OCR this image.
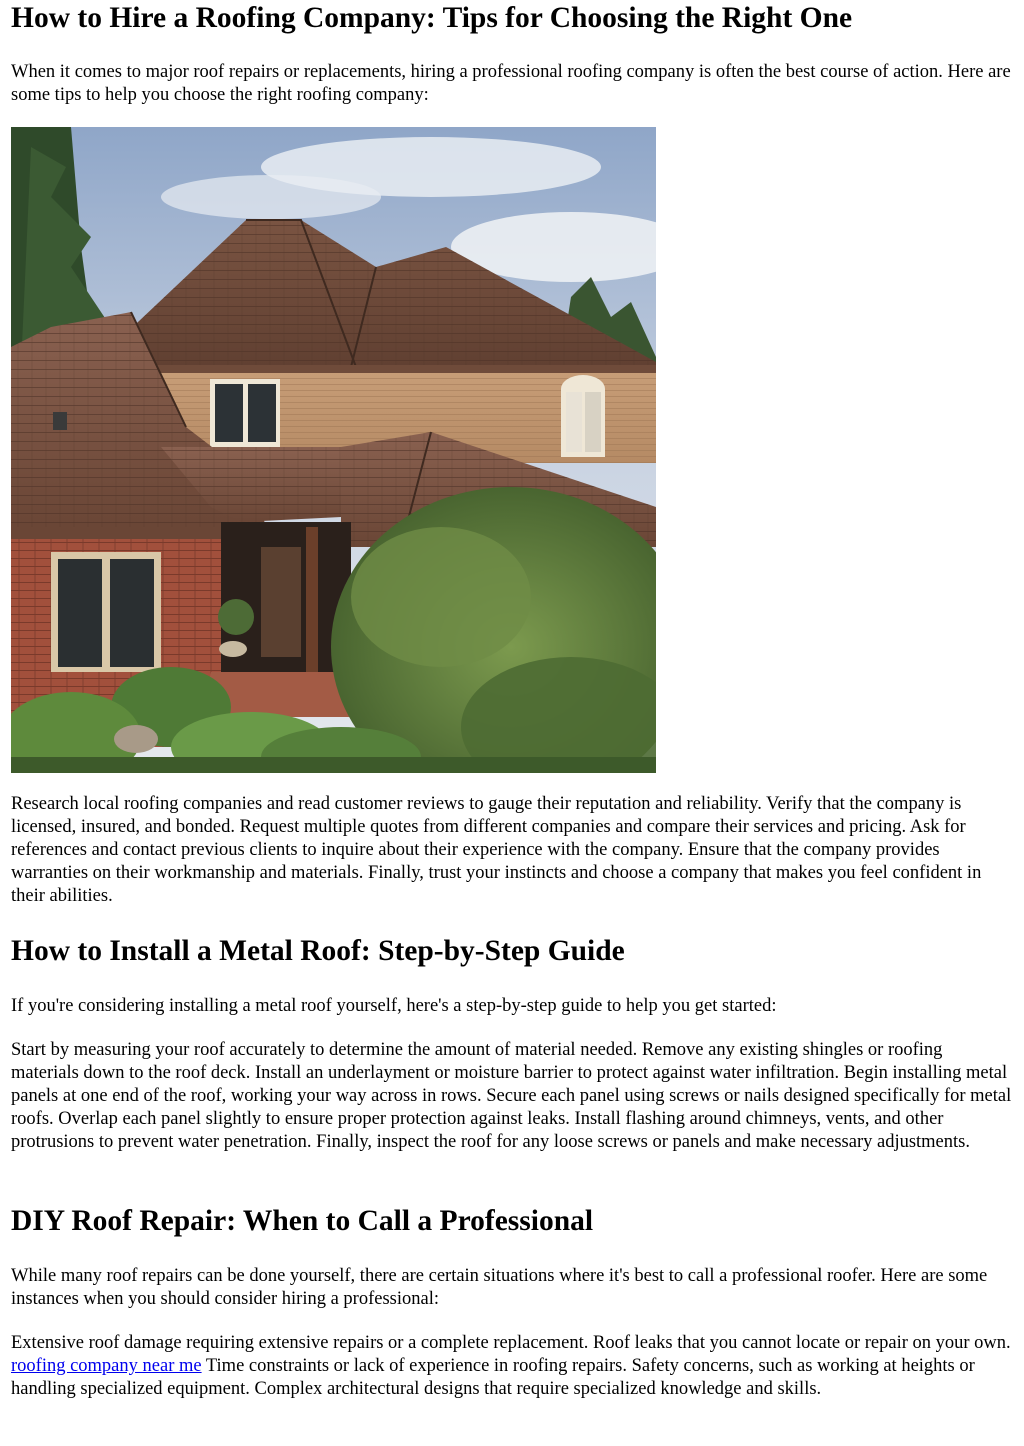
How to Hire a Roofing Company: Tips for Choosing the Right One

When it comes to major roof repairs or replacements, hiring a professional roofing company is often the best course of action. Here are some tips to help you choose the right roofing company:

Research local roofing companies and read customer reviews to gauge their reputation and reliability. Verify that the company is licensed, insured, and bonded. Request multiple quotes from different companies and compare their services and pricing. Ask for references and contact previous clients to inquire about their experience with the company. Ensure that the company provides warranties on their workmanship and materials. Finally, trust your instincts and choose a company that makes you feel confident in their abilities.

How to Install a Metal Roof: Step-by-Step Guide

If you're considering installing a metal roof yourself, here's a step-by-step guide to help you get started:

Start by measuring your roof accurately to determine the amount of material needed. Remove any existing shingles or roofing materials down to the roof deck. Install an underlayment or moisture barrier to protect against water infiltration. Begin installing metal panels at one end of the roof, working your way across in rows. Secure each panel using screws or nails designed specifically for metal roofs. Overlap each panel slightly to ensure proper protection against leaks. Install flashing around chimneys, vents, and other protrusions to prevent water penetration. Finally, inspect the roof for any loose screws or panels and make necessary adjustments.

DIY Roof Repair: When to Call a Professional

While many roof repairs can be done yourself, there are certain situations where it's best to call a professional roofer. Here are some instances when you should consider hiring a professional:

Extensive roof damage requiring extensive repairs or a complete replacement. Roof leaks that you cannot locate or repair on your own. roofing company near me Time constraints or lack of experience in roofing repairs. Safety concerns, such as working at heights or handling specialized equipment. Complex architectural designs that require specialized knowledge and skills.
